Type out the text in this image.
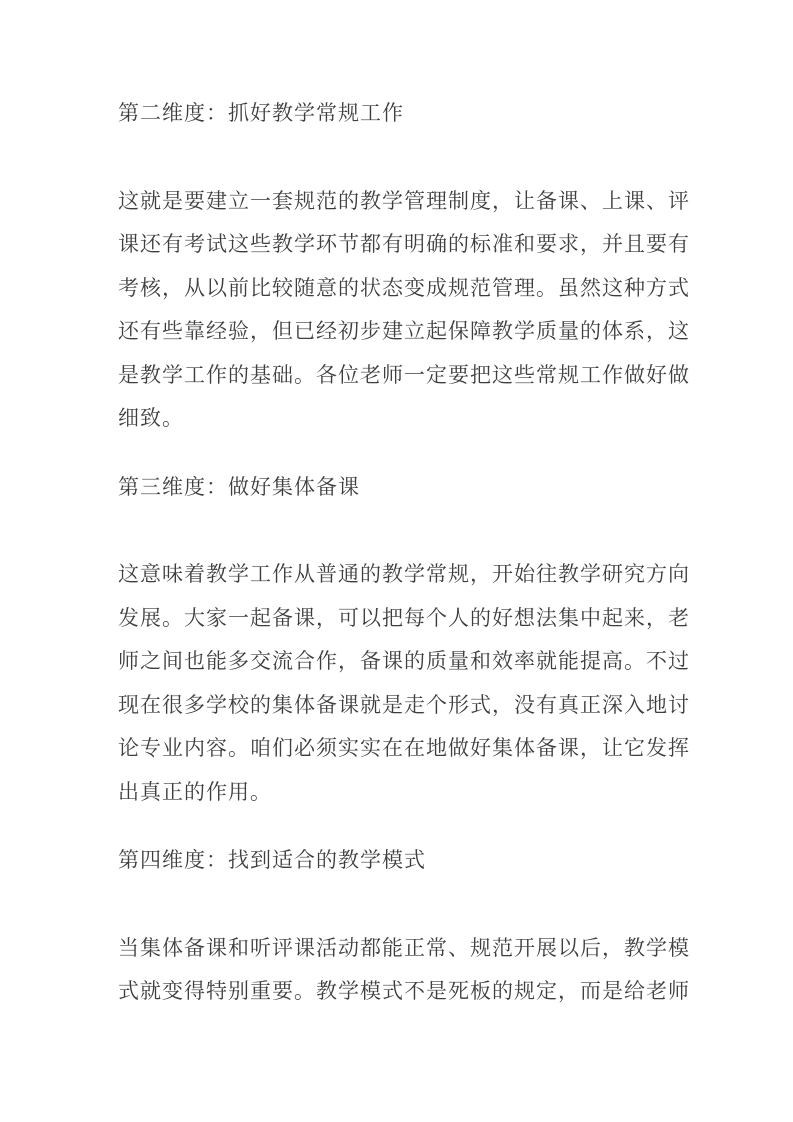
第二维度：抓好教学常规工作

这就是要建立一套规范的教学管理制度，让备课、上课、评课还有考试这些教学环节都有明确的标准和要求，并且要有考核，从以前比较随意的状态变成规范管理。虽然这种方式还有些靠经验，但已经初步建立起保障教学质量的体系，这是教学工作的基础。各位老师一定要把这些常规工作做好做细致。

第三维度：做好集体备课

这意味着教学工作从普通的教学常规，开始往教学研究方向发展。大家一起备课，可以把每个人的好想法集中起来，老师之间也能多交流合作，备课的质量和效率就能提高。不过现在很多学校的集体备课就是走个形式，没有真正深入地讨论专业内容。咱们必须实实在在地做好集体备课，让它发挥出真正的作用。

第四维度：找到适合的教学模式

当集体备课和听评课活动都能正常、规范开展以后，教学模式就变得特别重要。教学模式不是死板的规定，而是给老师
